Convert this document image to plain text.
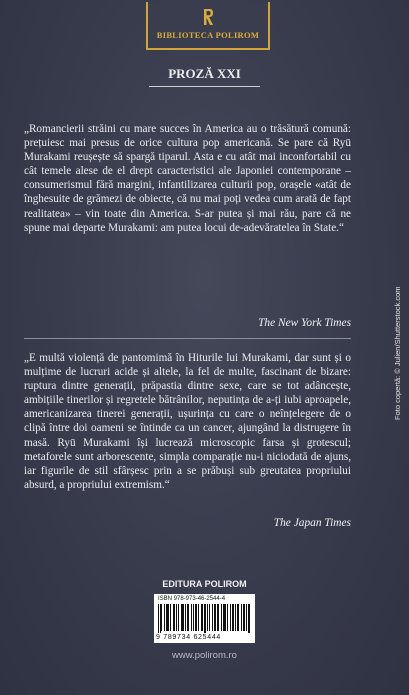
BIBLIOTECA POLIROM
PROZĂ XXI

„Romancierii străini cu mare succes în America au o trăsătură comună: prețuiesc mai presus de orice cultura pop americană. Se pare că Ryū Murakami reușește să spargă tiparul. Asta e cu atât mai inconfortabil cu cât temele alese de el drept caracteristici ale Japoniei contemporane – consumerismul fără margini, infantilizarea culturii pop, orașele «atât de înghesuite de grămezi de obiecte, că nu mai poți vedea cum arată de fapt realitatea» – vin toate din America. S-ar putea și mai rău, pare că ne spune mai departe Murakami: am putea locui de-adevăratelea în State.“

The New York Times

„E multă violență de pantomimă în Hiturile lui Murakami, dar sunt și o mulțime de lucruri acide și altele, la fel de multe, fascinant de bizare: ruptura dintre generații, prăpastia dintre sexe, care se tot adâncește, ambițiile tinerilor și regretele bătrânilor, neputința de a-ți iubi aproapele, americanizarea tinerei generații, ușurința cu care o neînțelegere de o clipă între doi oameni se întinde ca un cancer, ajungând la distrugere în masă. Ryū Murakami își lucrează microscopic farsa și grotescul; metaforele sunt arborescente, simpla comparație nu-i niciodată de ajuns, iar figurile de stil sfârșesc prin a se prăbuși sub greutatea propriului absurd, a propriului extremism.“

The Japan Times
Foto copertă: © Julien/Shutterstock.com
EDITURA POLIROM
ISBN 978-973-46-2544-4
9 789734 625444
www.polirom.ro
